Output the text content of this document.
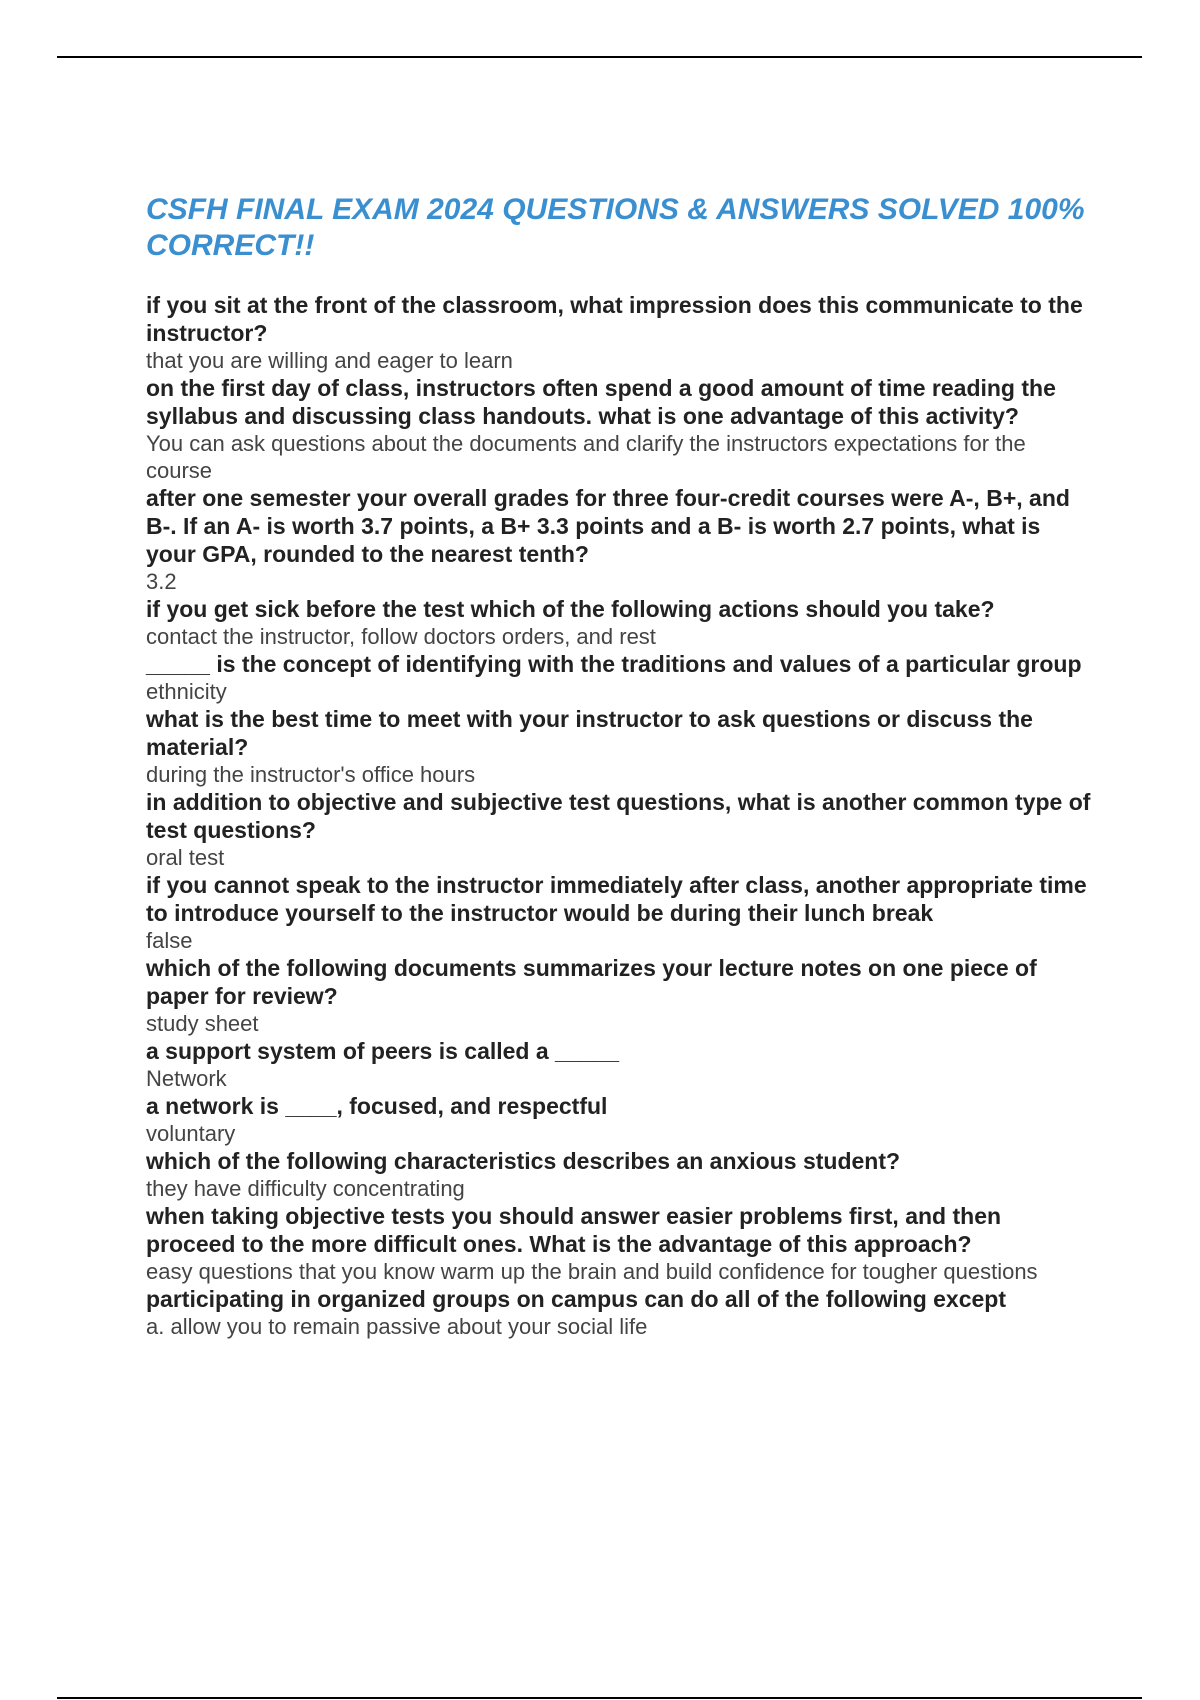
CSFH FINAL EXAM 2024 QUESTIONS & ANSWERS SOLVED 100% CORRECT!!
if you sit at the front of the classroom, what impression does this communicate to the instructor?
that you are willing and eager to learn
on the first day of class, instructors often spend a good amount of time reading the syllabus and discussing class handouts. what is one advantage of this activity?
You can ask questions about the documents and clarify the instructors expectations for the course
after one semester your overall grades for three four-credit courses were A-, B+, and B-. If an A- is worth 3.7 points, a B+ 3.3 points and a B- is worth 2.7 points, what is your GPA, rounded to the nearest tenth?
3.2
if you get sick before the test which of the following actions should you take?
contact the instructor, follow doctors orders, and rest
_____ is the concept of identifying with the traditions and values of a particular group
ethnicity
what is the best time to meet with your instructor to ask questions or discuss the material?
during the instructor's office hours
in addition to objective and subjective test questions, what is another common type of test questions?
oral test
if you cannot speak to the instructor immediately after class, another appropriate time to introduce yourself to the instructor would be during their lunch break
false
which of the following documents summarizes your lecture notes on one piece of paper for review?
study sheet
a support system of peers is called a _____
Network
a network is ____, focused, and respectful
voluntary
which of the following characteristics describes an anxious student?
they have difficulty concentrating
when taking objective tests you should answer easier problems first, and then proceed to the more difficult ones. What is the advantage of this approach?
easy questions that you know warm up the brain and build confidence for tougher questions
participating in organized groups on campus can do all of the following except
a. allow you to remain passive about your social life
